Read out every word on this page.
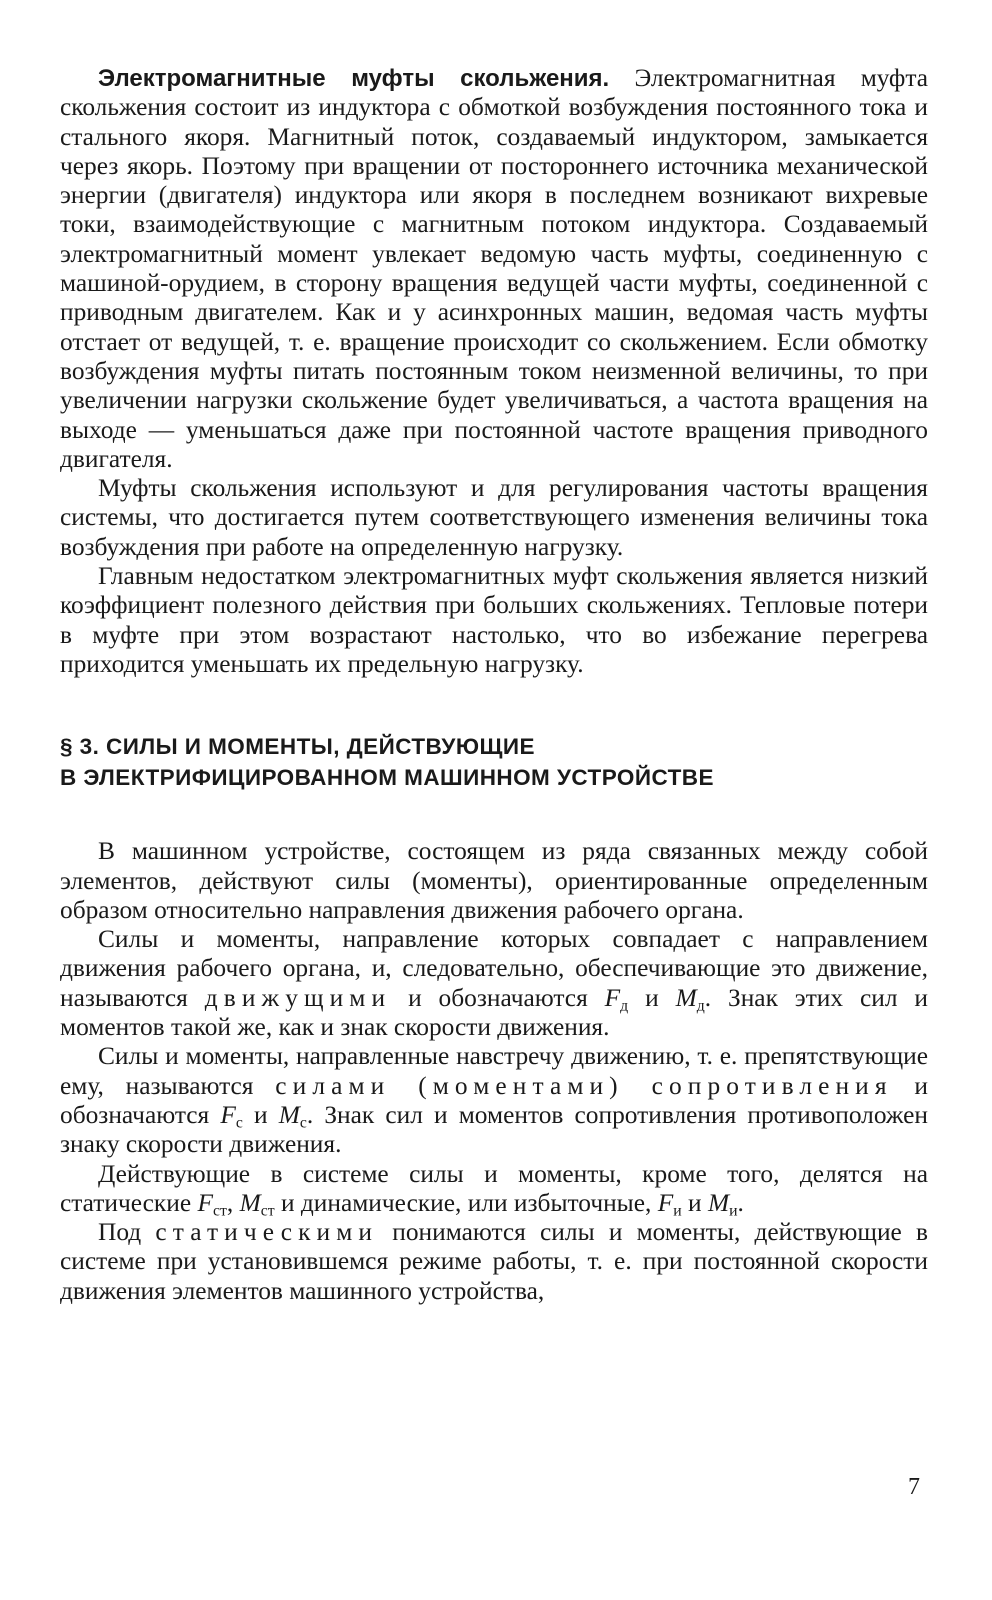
Электромагнитные муфты скольжения. Электромагнитная муфта скольжения состоит из индуктора с обмоткой возбуждения постоянного тока и стального якоря. Магнитный поток, создаваемый индуктором, замыкается через якорь. Поэтому при вращении от постороннего источника механической энергии (двигателя) индуктора или якоря в последнем возникают вихревые токи, взаимодействующие с магнитным потоком индуктора. Создаваемый электромагнитный момент увлекает ведомую часть муфты, соединенную с машиной-орудием, в сторону вращения ведущей части муфты, соединенной с приводным двигателем. Как и у асинхронных машин, ведомая часть муфты отстает от ведущей, т. е. вращение происходит со скольжением. Если обмотку возбуждения муфты питать постоянным током неизменной величины, то при увеличении нагрузки скольжение будет увеличиваться, а частота вращения на выходе — уменьшаться даже при постоянной частоте вращения приводного двигателя.

Муфты скольжения используют и для регулирования частоты вращения системы, что достигается путем соответствующего изменения величины тока возбуждения при работе на определенную нагрузку.

Главным недостатком электромагнитных муфт скольжения является низкий коэффициент полезного действия при больших скольжениях. Тепловые потери в муфте при этом возрастают настолько, что во избежание перегрева приходится уменьшать их предельную нагрузку.

§ 3. СИЛЫ И МОМЕНТЫ, ДЕЙСТВУЮЩИЕ
В ЭЛЕКТРИФИЦИРОВАННОМ МАШИННОМ УСТРОЙСТВЕ

В машинном устройстве, состоящем из ряда связанных между собой элементов, действуют силы (моменты), ориентированные определенным образом относительно направления движения рабочего органа.

Силы и моменты, направление которых совпадает с направлением движения рабочего органа, и, следовательно, обеспечивающие это движение, называются движущими и обозначаются $F_д$ и $M_д$. Знак этих сил и моментов такой же, как и знак скорости движения.

Силы и моменты, направленные навстречу движению, т. е. препятствующие ему, называются силами (моментами) сопротивления и обозначаются $F_с$ и $M_с$. Знак сил и моментов сопротивления противоположен знаку скорости движения.

Действующие в системе силы и моменты, кроме того, делятся на статические $F_{ст}$, $M_{ст}$ и динамические, или избыточные, $F_и$ и $M_и$.

Под статическими понимаются силы и моменты, действующие в системе при установившемся режиме работы, т. е. при постоянной скорости движения элементов машинного устройства,

7
